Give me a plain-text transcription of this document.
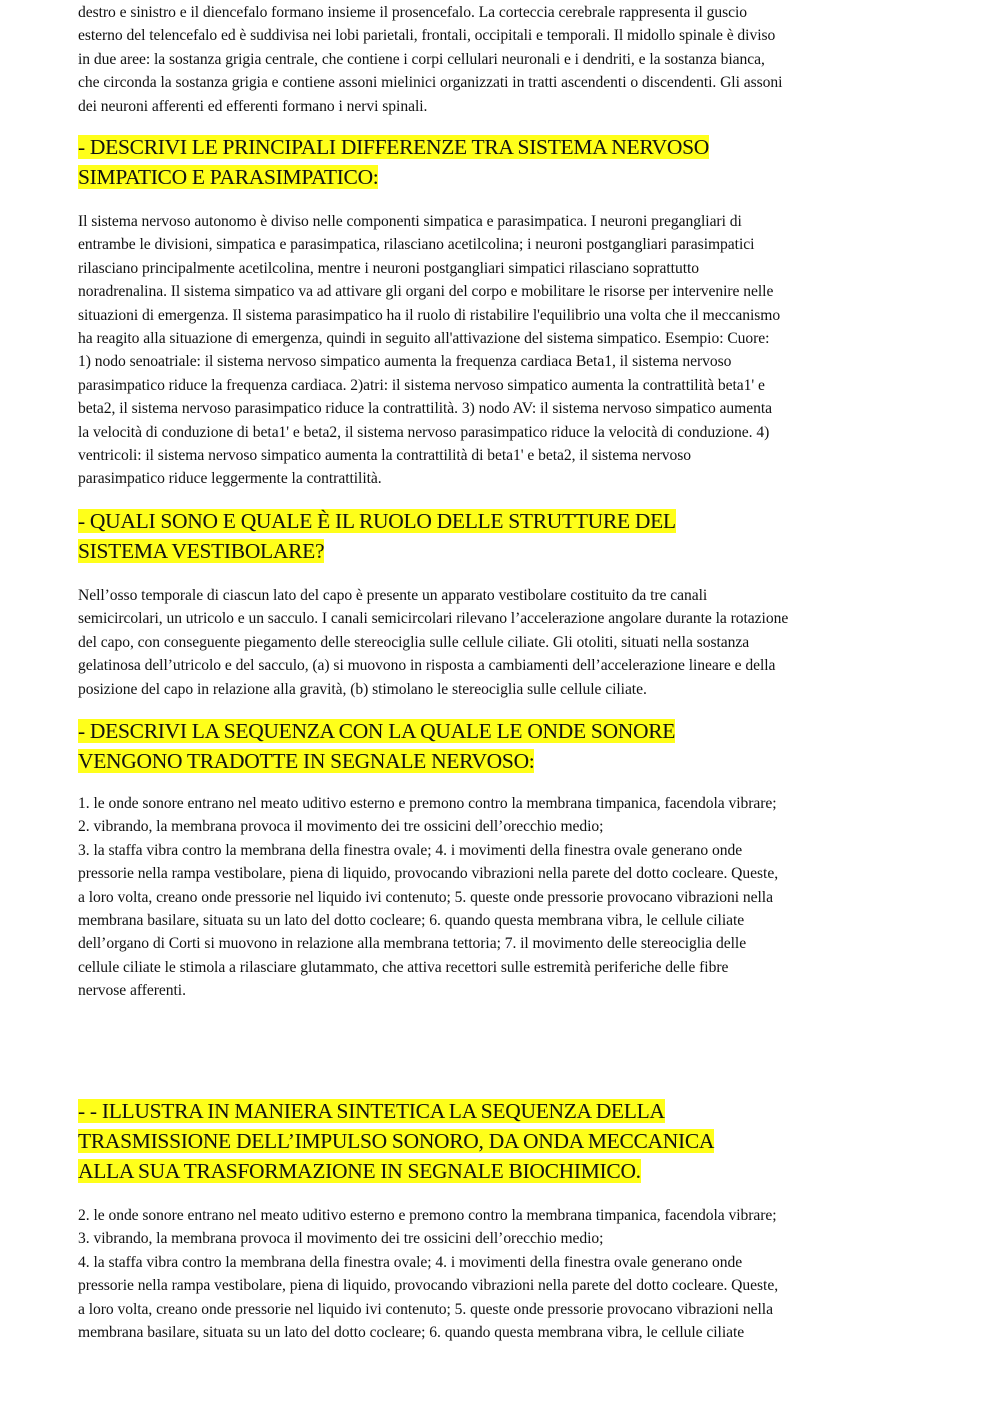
destro e sinistro e il diencefalo formano insieme il prosencefalo. La corteccia cerebrale rappresenta il guscio
esterno del telencefalo ed è suddivisa nei lobi parietali, frontali, occipitali e temporali. Il midollo spinale è diviso
in due aree: la sostanza grigia centrale, che contiene i corpi cellulari neuronali e i dendriti, e la sostanza bianca,
che circonda la sostanza grigia e contiene assoni mielinici organizzati in tratti ascendenti o discendenti. Gli assoni
dei neuroni afferenti ed efferenti formano i nervi spinali.

- DESCRIVI LE PRINCIPALI DIFFERENZE TRA SISTEMA NERVOSO
SIMPATICO E PARASIMPATICO:

Il sistema nervoso autonomo è diviso nelle componenti simpatica e parasimpatica. I neuroni pregangliari di
entrambe le divisioni, simpatica e parasimpatica, rilasciano acetilcolina; i neuroni postgangliari parasimpatici
rilasciano principalmente acetilcolina, mentre i neuroni postgangliari simpatici rilasciano soprattutto
noradrenalina. Il sistema simpatico va ad attivare gli organi del corpo e mobilitare le risorse per intervenire nelle
situazioni di emergenza. Il sistema parasimpatico ha il ruolo di ristabilire l'equilibrio una volta che il meccanismo
ha reagito alla situazione di emergenza, quindi in seguito all'attivazione del sistema simpatico. Esempio: Cuore:
1) nodo senoatriale: il sistema nervoso simpatico aumenta la frequenza cardiaca Beta1, il sistema nervoso
parasimpatico riduce la frequenza cardiaca. 2)atri: il sistema nervoso simpatico aumenta la contrattilità beta1' e
beta2, il sistema nervoso parasimpatico riduce la contrattilità. 3) nodo AV: il sistema nervoso simpatico aumenta
la velocità di conduzione di beta1' e beta2, il sistema nervoso parasimpatico riduce la velocità di conduzione. 4)
ventricoli: il sistema nervoso simpatico aumenta la contrattilità di beta1' e beta2, il sistema nervoso
parasimpatico riduce leggermente la contrattilità.

- QUALI SONO E QUALE È IL RUOLO DELLE STRUTTURE DEL
SISTEMA VESTIBOLARE?

Nell’osso temporale di ciascun lato del capo è presente un apparato vestibolare costituito da tre canali
semicircolari, un utricolo e un sacculo. I canali semicircolari rilevano l’accelerazione angolare durante la rotazione
del capo, con conseguente piegamento delle stereociglia sulle cellule ciliate. Gli otoliti, situati nella sostanza
gelatinosa dell’utricolo e del sacculo, (a) si muovono in risposta a cambiamenti dell’accelerazione lineare e della
posizione del capo in relazione alla gravità, (b) stimolano le stereociglia sulle cellule ciliate.

- DESCRIVI LA SEQUENZA CON LA QUALE LE ONDE SONORE
VENGONO TRADOTTE IN SEGNALE NERVOSO:

1. le onde sonore entrano nel meato uditivo esterno e premono contro la membrana timpanica, facendola vibrare;
2. vibrando, la membrana provoca il movimento dei tre ossicini dell’orecchio medio;
3. la staffa vibra contro la membrana della finestra ovale; 4. i movimenti della finestra ovale generano onde
pressorie nella rampa vestibolare, piena di liquido, provocando vibrazioni nella parete del dotto cocleare. Queste,
a loro volta, creano onde pressorie nel liquido ivi contenuto; 5. queste onde pressorie provocano vibrazioni nella
membrana basilare, situata su un lato del dotto cocleare; 6. quando questa membrana vibra, le cellule ciliate
dell’organo di Corti si muovono in relazione alla membrana tettoria; 7. il movimento delle stereociglia delle
cellule ciliate le stimola a rilasciare glutammato, che attiva recettori sulle estremità periferiche delle fibre
nervose afferenti.

- - ILLUSTRA IN MANIERA SINTETICA LA SEQUENZA DELLA
TRASMISSIONE DELL’IMPULSO SONORO, DA ONDA MECCANICA
ALLA SUA TRASFORMAZIONE IN SEGNALE BIOCHIMICO.

2. le onde sonore entrano nel meato uditivo esterno e premono contro la membrana timpanica, facendola vibrare;
3. vibrando, la membrana provoca il movimento dei tre ossicini dell’orecchio medio;
4. la staffa vibra contro la membrana della finestra ovale; 4. i movimenti della finestra ovale generano onde
pressorie nella rampa vestibolare, piena di liquido, provocando vibrazioni nella parete del dotto cocleare. Queste,
a loro volta, creano onde pressorie nel liquido ivi contenuto; 5. queste onde pressorie provocano vibrazioni nella
membrana basilare, situata su un lato del dotto cocleare; 6. quando questa membrana vibra, le cellule ciliate
